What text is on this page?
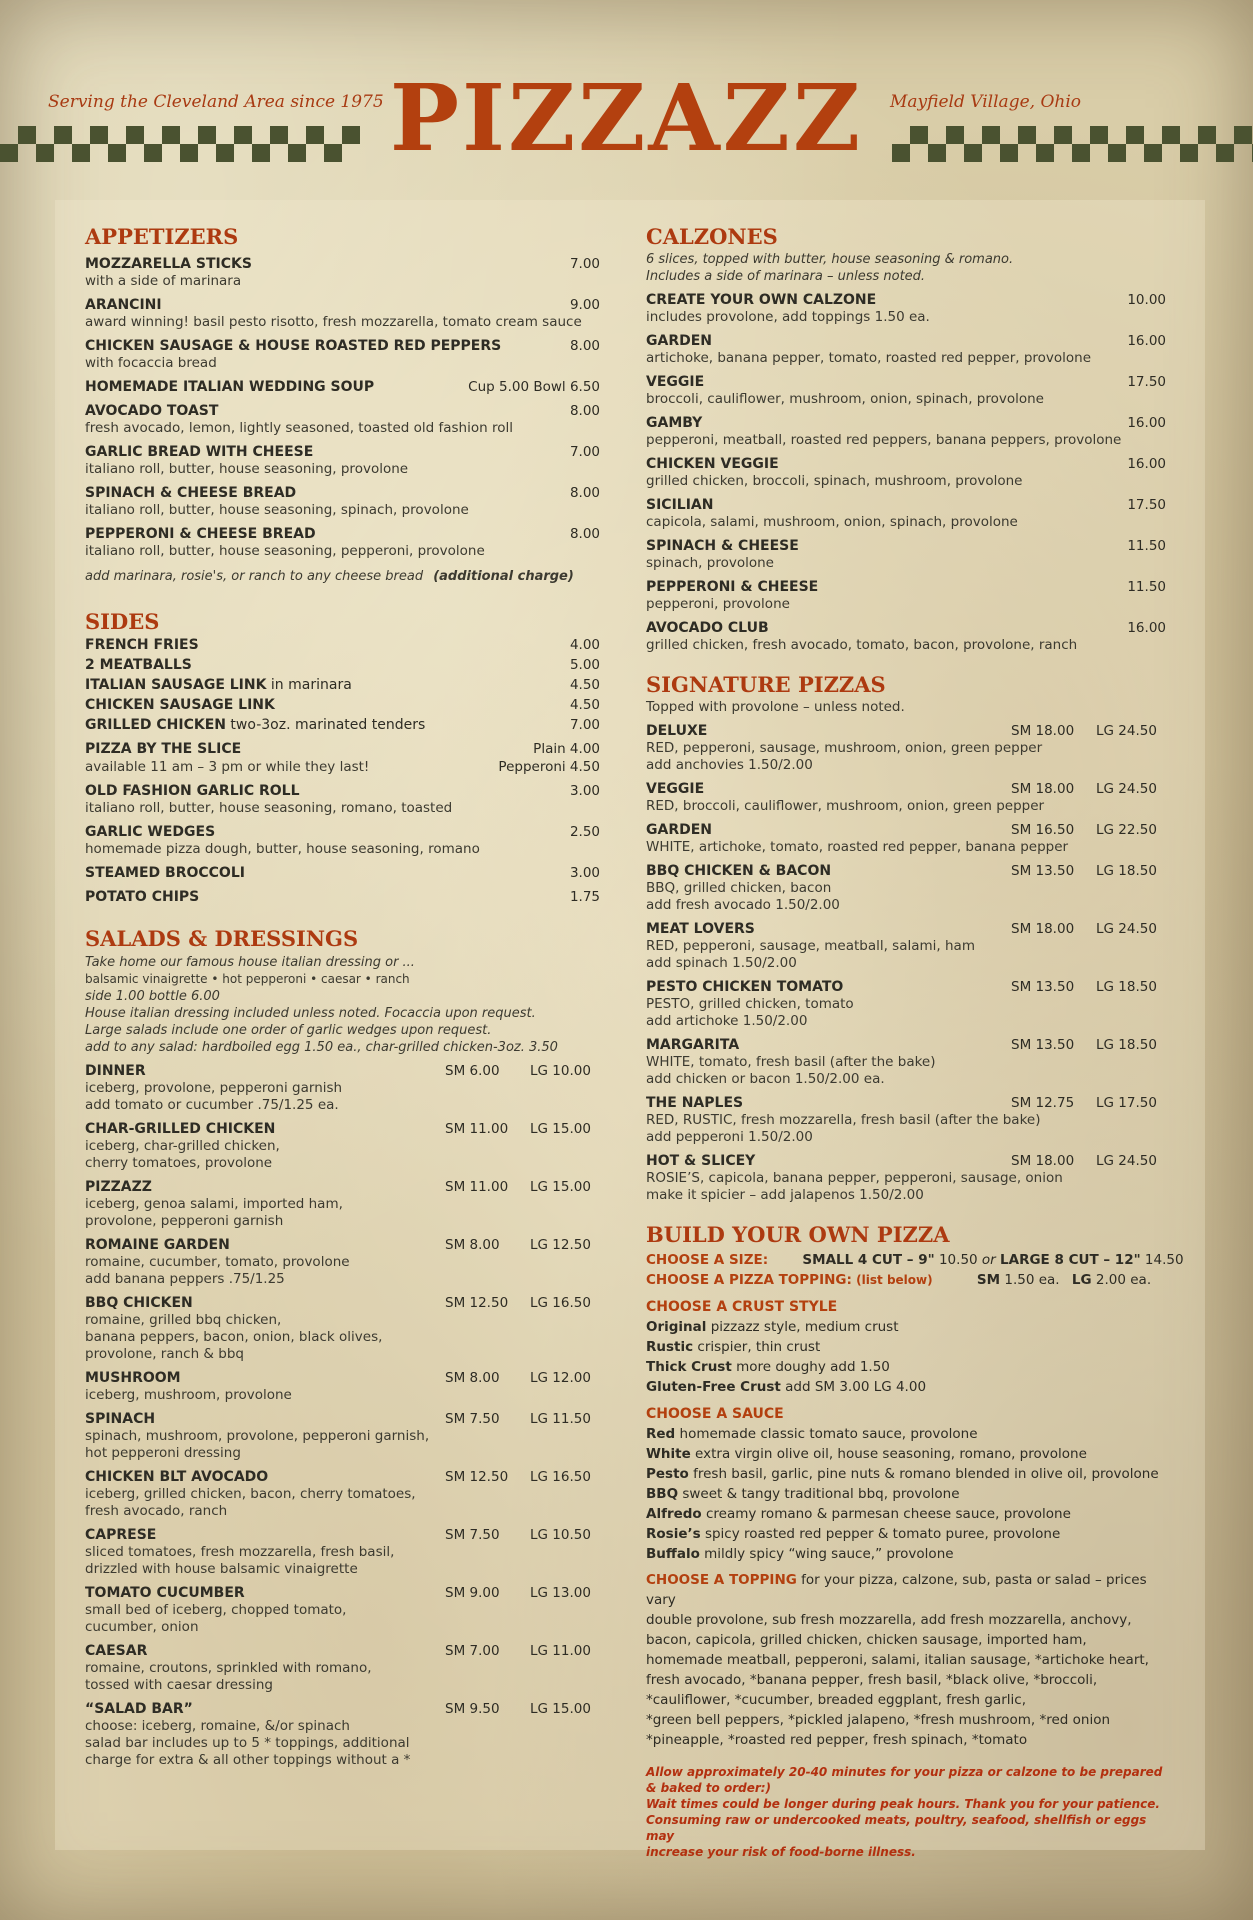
Serving the Cleveland Area since 1975 PIZZAZZ	Mayfield Village, Ohio
APPETIZERS
MOZZARELLA STICKS	7.00
with a side of marinara
ARANCINI	9.00
award winning! basil pesto risotto, fresh mozzarella, tomato cream sauce
CHICKEN SAUSAGE & HOUSE ROASTED RED PEPPERS	8.00
with focaccia bread
HOMEMADE ITALIAN WEDDING SOUP	Cup 5.00 Bowl 6.50
AVOCADO TOAST	8.00
fresh avocado, lemon, lightly seasoned, toasted old fashion roll
GARLIC BREAD WITH CHEESE	7.00
italiano roll, butter, house seasoning, provolone
SPINACH & CHEESE BREAD	8.00
italiano roll, butter, house seasoning, spinach, provolone
PEPPERONI & CHEESE BREAD	8.00
italiano roll, butter, house seasoning, pepperoni, provolone
add marinara, rosie's, or ranch to any cheese bread (additional charge)
SIDES
FRENCH FRIES	4.00
2 MEATBALLS	5.00
ITALIAN SAUSAGE LINK in marinara	4.50
CHICKEN SAUSAGE LINK	4.50
GRILLED CHICKEN two-3oz. marinated tenders	7.00
PIZZA BY THE SLICE	Plain 4.00
available 11 am – 3 pm or while they last!	Pepperoni 4.50
OLD FASHION GARLIC ROLL	3.00
italiano roll, butter, house seasoning, romano, toasted
GARLIC WEDGES	2.50
homemade pizza dough, butter, house seasoning, romano
STEAMED BROCCOLI	3.00
POTATO CHIPS	1.75
SALADS & DRESSINGS
Take home our famous house italian dressing or ...
balsamic vinaigrette • hot pepperoni • caesar • ranch
side 1.00 bottle 6.00
House italian dressing included unless noted. Focaccia upon request.
Large salads include one order of garlic wedges upon request.
add to any salad: hardboiled egg 1.50 ea., char-grilled chicken-3oz. 3.50
DINNER	SM 6.00	LG 10.00
iceberg, provolone, pepperoni garnish
add tomato or cucumber .75/1.25 ea.
CHAR-GRILLED CHICKEN	SM 11.00	LG 15.00
iceberg, char-grilled chicken,
cherry tomatoes, provolone
PIZZAZZ	SM 11.00	LG 15.00
iceberg, genoa salami, imported ham,
provolone, pepperoni garnish
ROMAINE GARDEN	SM 8.00	LG 12.50
romaine, cucumber, tomato, provolone
add banana peppers .75/1.25
BBQ CHICKEN	SM 12.50	LG 16.50
romaine, grilled bbq chicken,
banana peppers, bacon, onion, black olives,
provolone, ranch & bbq
MUSHROOM	SM 8.00	LG 12.00
iceberg, mushroom, provolone
SPINACH	SM 7.50	LG 11.50
spinach, mushroom, provolone, pepperoni garnish,
hot pepperoni dressing
CHICKEN BLT AVOCADO	SM 12.50	LG 16.50
iceberg, grilled chicken, bacon, cherry tomatoes,
fresh avocado, ranch
CAPRESE	SM 7.50	LG 10.50
sliced tomatoes, fresh mozzarella, fresh basil,
drizzled with house balsamic vinaigrette
TOMATO CUCUMBER	SM 9.00	LG 13.00
small bed of iceberg, chopped tomato,
cucumber, onion
CAESAR	SM 7.00	LG 11.00
romaine, croutons, sprinkled with romano,
tossed with caesar dressing
“SALAD BAR”	SM 9.50	LG 15.00
choose: iceberg, romaine, &/or spinach
salad bar includes up to 5 * toppings, additional
charge for extra & all other toppings without a *
CALZONES
6 slices, topped with butter, house seasoning & romano.
Includes a side of marinara – unless noted.
CREATE YOUR OWN CALZONE	10.00
includes provolone, add toppings 1.50 ea.
GARDEN	16.00
artichoke, banana pepper, tomato, roasted red pepper, provolone
VEGGIE	17.50
broccoli, cauliflower, mushroom, onion, spinach, provolone
GAMBY	16.00
pepperoni, meatball, roasted red peppers, banana peppers, provolone
CHICKEN VEGGIE	16.00
grilled chicken, broccoli, spinach, mushroom, provolone
SICILIAN	17.50
capicola, salami, mushroom, onion, spinach, provolone
SPINACH & CHEESE	11.50
spinach, provolone
PEPPERONI & CHEESE	11.50
pepperoni, provolone
AVOCADO CLUB	16.00
grilled chicken, fresh avocado, tomato, bacon, provolone, ranch
SIGNATURE PIZZAS
Topped with provolone – unless noted.
DELUXE	SM 18.00	LG 24.50
RED, pepperoni, sausage, mushroom, onion, green pepper
add anchovies 1.50/2.00
VEGGIE	SM 18.00	LG 24.50
RED, broccoli, cauliflower, mushroom, onion, green pepper
GARDEN	SM 16.50	LG 22.50
WHITE, artichoke, tomato, roasted red pepper, banana pepper
BBQ CHICKEN & BACON	SM 13.50	LG 18.50
BBQ, grilled chicken, bacon
add fresh avocado 1.50/2.00
MEAT LOVERS	SM 18.00	LG 24.50
RED, pepperoni, sausage, meatball, salami, ham
add spinach 1.50/2.00
PESTO CHICKEN TOMATO	SM 13.50	LG 18.50
PESTO, grilled chicken, tomato
add artichoke 1.50/2.00
MARGARITA	SM 13.50	LG 18.50
WHITE, tomato, fresh basil (after the bake)
add chicken or bacon 1.50/2.00 ea.
THE NAPLES	SM 12.75	LG 17.50
RED, RUSTIC, fresh mozzarella, fresh basil (after the bake)
add pepperoni 1.50/2.00
HOT & SLICEY	SM 18.00	LG 24.50
ROSIE’S, capicola, banana pepper, pepperoni, sausage, onion
make it spicier – add jalapenos 1.50/2.00
BUILD YOUR OWN PIZZA
CHOOSE A SIZE:	SMALL 4 CUT – 9" 10.50 or LARGE 8 CUT – 12" 14.50
CHOOSE A PIZZA TOPPING: (list below)	SM 1.50 ea. LG 2.00 ea.
CHOOSE A CRUST STYLE
Original pizzazz style, medium crust
Rustic crispier, thin crust
Thick Crust more doughy add 1.50
Gluten-Free Crust add SM 3.00 LG 4.00
CHOOSE A SAUCE
Red homemade classic tomato sauce, provolone
White extra virgin olive oil, house seasoning, romano, provolone
Pesto fresh basil, garlic, pine nuts & romano blended in olive oil, provolone
BBQ sweet & tangy traditional bbq, provolone
Alfredo creamy romano & parmesan cheese sauce, provolone
Rosie’s spicy roasted red pepper & tomato puree, provolone
Buffalo mildly spicy “wing sauce,” provolone
CHOOSE A TOPPING for your pizza, calzone, sub, pasta or salad – prices vary
double provolone, sub fresh mozzarella, add fresh mozzarella, anchovy,
bacon, capicola, grilled chicken, chicken sausage, imported ham,
homemade meatball, pepperoni, salami, italian sausage, *artichoke heart,
fresh avocado, *banana pepper, fresh basil, *black olive, *broccoli,
*cauliflower, *cucumber, breaded eggplant, fresh garlic,
*green bell peppers, *pickled jalapeno, *fresh mushroom, *red onion
*pineapple, *roasted red pepper, fresh spinach, *tomato
Allow approximately 20-40 minutes for your pizza or calzone to be prepared & baked to order:)
Wait times could be longer during peak hours. Thank you for your patience.
Consuming raw or undercooked meats, poultry, seafood, shellfish or eggs may
increase your risk of food-borne illness.
